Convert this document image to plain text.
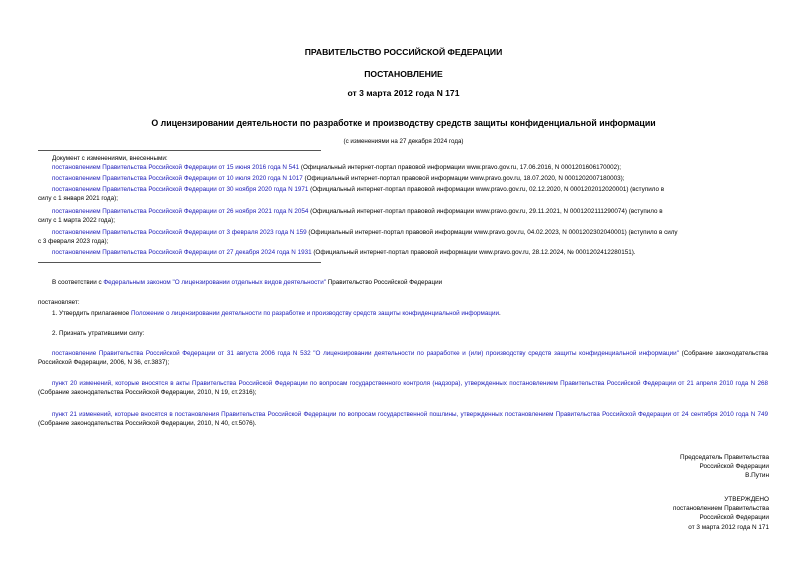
ПРАВИТЕЛЬСТВО РОССИЙСКОЙ ФЕДЕРАЦИИ
ПОСТАНОВЛЕНИЕ
от 3 марта 2012 года N 171
О лицензировании деятельности по разработке и производству средств защиты конфиденциальной информации
(с изменениями на 27 декабря 2024 года)
Документ с изменениями, внесенными:
постановлением Правительства Российской Федерации от 15 июня 2016 года N 541 (Официальный интернет-портал правовой информации www.pravo.gov.ru, 17.06.2016, N 0001201606170002);
постановлением Правительства Российской Федерации от 10 июля 2020 года N 1017 (Официальный интернет-портал правовой информации www.pravo.gov.ru, 18.07.2020, N 0001202007180003);
постановлением Правительства Российской Федерации от 30 ноября 2020 года N 1971 (Официальный интернет-портал правовой информации www.pravo.gov.ru, 02.12.2020, N 0001202012020001) (вступило в
силу с 1 января 2021 года);
постановлением Правительства Российской Федерации от 26 ноября 2021 года N 2054 (Официальный интернет-портал правовой информации www.pravo.gov.ru, 29.11.2021, N 0001202111290074) (вступило в
силу с 1 марта 2022 года);
постановлением Правительства Российской Федерации от 3 февраля 2023 года N 159 (Официальный интернет-портал правовой информации www.pravo.gov.ru, 04.02.2023, N 0001202302040001) (вступило в силу
с 3 февраля 2023 года);
постановлением Правительства Российской Федерации от 27 декабря 2024 года N 1931 (Официальный интернет-портал правовой информации www.pravo.gov.ru, 28.12.2024, № 0001202412280151).
В соответствии с Федеральным законом "О лицензировании отдельных видов деятельности" Правительство Российской Федерации
постановляет:
1. Утвердить прилагаемое Положение о лицензировании деятельности по разработке и производству средств защиты конфиденциальной информации.
2. Признать утратившими силу:
постановление Правительства Российской Федерации от 31 августа 2006 года N 532 "О лицензировании деятельности по разработке и (или) производству средств защиты конфиденциальной информации" (Собрание законодательства Российской Федерации, 2006, N 36, ст.3837);
пункт 20 изменений, которые вносятся в акты Правительства Российской Федерации по вопросам государственного контроля (надзора), утвержденных постановлением Правительства Российской Федерации от 21 апреля 2010 года N 268 (Собрание законодательства Российской Федерации, 2010, N 19, ст.2316);
пункт 21 изменений, которые вносятся в постановления Правительства Российской Федерации по вопросам государственной пошлины, утвержденных постановлением Правительства Российской Федерации от 24 сентября 2010 года N 749 (Собрание законодательства Российской Федерации, 2010, N 40, ст.5076).
Председатель Правительства
Российской Федерации
В.Путин
УТВЕРЖДЕНО
постановлением Правительства
Российской Федерации
от 3 марта 2012 года N 171
